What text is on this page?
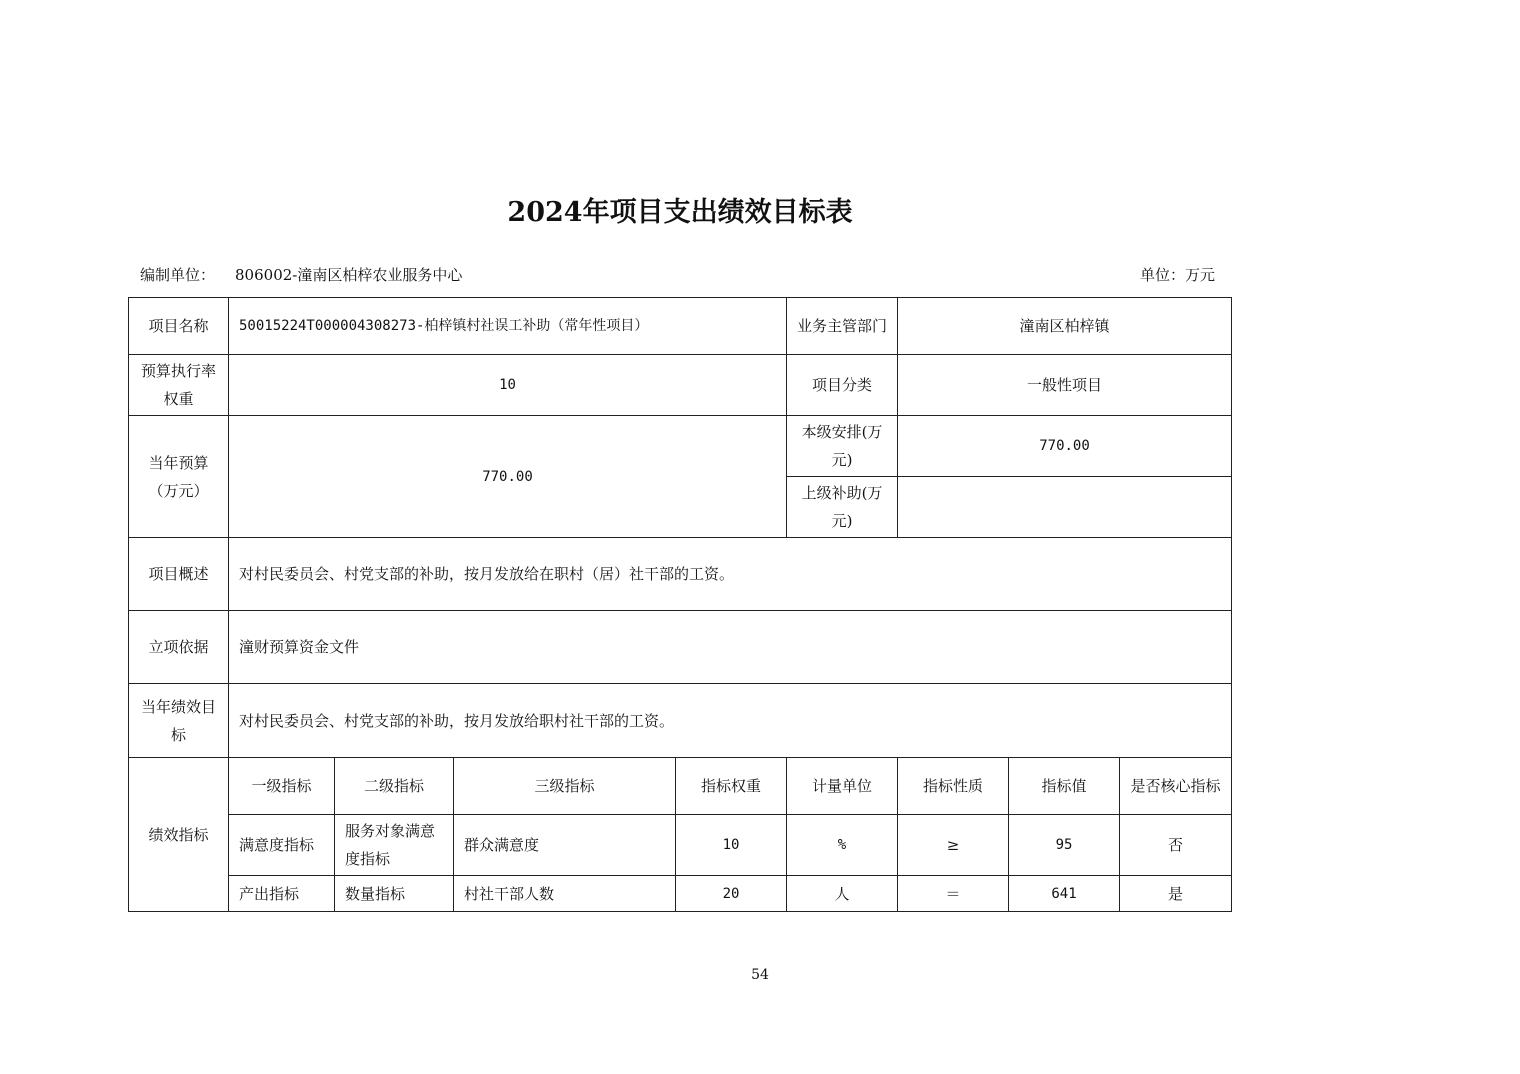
2024年项目支出绩效目标表
编制单位： 806002-潼南区柏梓农业服务中心	单位：万元
项目名称	50015224T000004308273-柏梓镇村社误工补助（常年性项目）				业务主管部门	潼南区柏梓镇		
预算执行率权重	10				项目分类	一般性项目		
当年预算（万元）	770.00				本级安排(万元)	770.00		
					上级补助(万元)			
项目概述	对村民委员会、村党支部的补助，按月发放给在职村（居）社干部的工资。							
立项依据	潼财预算资金文件							
当年绩效目标	对村民委员会、村党支部的补助，按月发放给职村社干部的工资。							
绩效指标	一级指标	二级指标	三级指标	指标权重	计量单位	指标性质	指标值	是否核心指标
	满意度指标	服务对象满意度指标	群众满意度	10	%	≥	95	否
	产出指标	数量指标	村社干部人数	20	人	＝	641	是
54
